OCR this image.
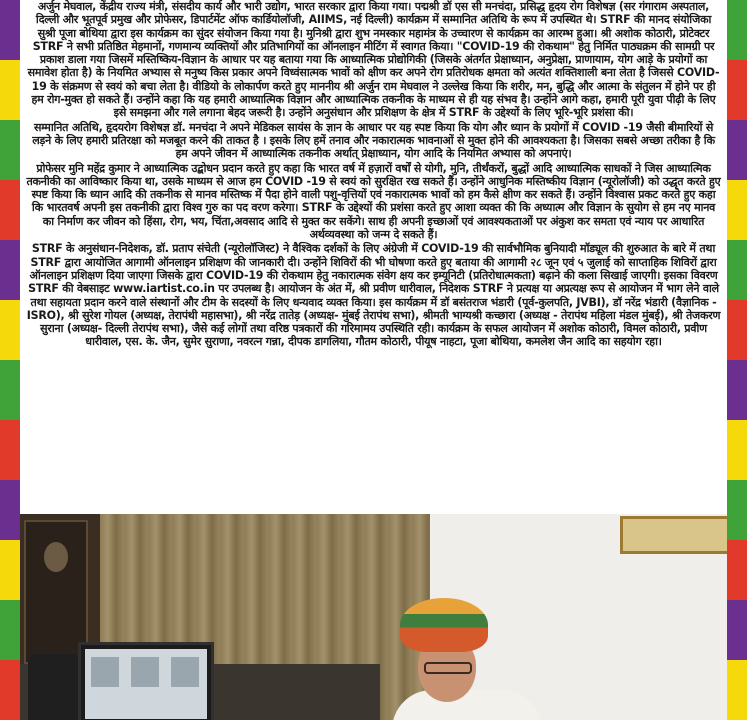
अर्जुन मेघवाल, केंद्रीय राज्य मंत्री, संसदीय कार्य और भारी उद्योग, भारत सरकार द्वारा किया गया। पद्मश्री डॉ एस सी मनचंदा, प्रसिद्ध हृदय रोग विशेषज्ञ (सर गंगाराम अस्पताल, दिल्ली और भूतपूर्व प्रमुख और प्रोफेसर, डिपार्टमेंट ऑफ कार्डियोलॉजी, AIIMS, नई दिल्ली) कार्यक्रम में सम्मानित अतिथि के रूप में उपस्थित थे। STRF की मानद संयोजिका सुश्री पूजा बोथिया द्वारा इस कार्यक्रम का सुंदर संयोजन किया गया है। मुनिश्री द्वारा शुभ नमस्कार महामंत्र के उच्चारण से कार्यक्रम का आरम्भ हुआ। श्री अशोक कोठारी, प्रोटेक्टर STRF ने सभी प्रतिष्ठित मेहमानों, गणमान्य व्यक्तियों और प्रतिभागियों का ऑनलाइन मीटिंग में स्वागत किया। "COVID-19 की रोकथाम" हेतु निर्मित पाठ्यक्रम की सामग्री पर प्रकाश डाला गया जिसमें मस्तिष्किय-विज्ञान के आधार पर यह बताया गया कि आध्यात्मिक प्रोद्योगिकी (जिसके अंतर्गत प्रेक्षाध्यान, अनुप्रेक्षा, प्राणायाम, योग आड़े के प्रयोगों का समावेश होता है) के नियमित अभ्यास से मनुष्य किस प्रकार अपने विध्वंसात्मक भावों को क्षीण कर अपने रोग प्रतिरोधक क्षमता को अत्यंत शक्तिशाली बना लेता है जिससे COVID-19 के संक्रमण से स्वयं को बचा लेता है। वीडियो के लोकार्पण करते हुए माननीय श्री अर्जुन राम मेघवाल ने उल्लेख किया कि शरीर, मन, बुद्धि और आत्मा के संतुलन में होने पर ही हम रोग-मुक्त हो सकते हैं। उन्होंने कहा कि यह हमारी आध्यात्मिक विज्ञान और आध्यात्मिक तकनीक के माध्यम से ही यह संभव है। उन्होंने आगे कहा, हमारी पूरी युवा पीढ़ी के लिए इसे समझना और गले लगाना बेहद जरूरी है। उन्होंने अनुसंधान और प्रशिक्षण के क्षेत्र में STRF के उद्देश्यों के लिए भूरि-भूरि प्रशंसा की।

सम्मानित अतिथि, हृदयरोग विशेषज्ञ डॉ. मनचंदा ने अपने मेडिकल सायंस के ज्ञान के आधार पर यह स्पष्ट किया कि योग और ध्यान के प्रयोगों में COVID -19 जैसी बीमारियों से लड़ने के लिए हमारी प्रतिरक्षा को मजबूत करने की ताकत है । इसके लिए हमें तनाव और नकारात्मक भावनाओं से मुक्त होने की आवश्यकता है। जिसका सबसे अच्छा तरीका है कि हम अपने जीवन में आध्यात्मिक तकनीक अर्थात् प्रेक्षाध्यान, योग आदि के नियमित अभ्यास को अपनाएं।

प्रोफेसर मुनि महेंद्र कुमार ने आध्यात्मिक उद्बोधन प्रदान करते हुए कहा कि भारत वर्ष में हज़ारों वर्षों से योगी, मुनि, तीर्थंकरों, बुद्धों आदि आध्यात्मिक साधकों ने जिस आध्यात्मिक तकनीकी का आविष्कार किया था, उसके माध्यम से आज हम COVID -19 से स्वयं को सुरक्षित रख सकते हैं। उन्होंने आधुनिक मस्तिष्कीय विज्ञान (न्यूरोलॉजी) को उद्धृत करते हुए स्पष्ट किया कि ध्यान आदि की तकनीक से मानव मस्तिष्क में पैदा होने वाली पशु-वृत्तियों एवं नकारात्मक भावों को हम कैसे क्षीण कर सकते हैं। उन्होंने विश्वास प्रकट करते हुए कहा कि भारतवर्ष अपनी इस तकनीकी द्वारा विश्व गुरु का पद वरण करेगा। STRF के उद्देश्यों की प्रशंसा करते हुए आशा व्यक्त की कि अध्यात्म और विज्ञान के सुयोग से हम नए मानव का निर्माण कर जीवन को हिंसा, रोग, भय, चिंता,अवसाद आदि से मुक्त कर सकेंगे। साथ ही अपनी इच्छाओं एवं आवश्यकताओं पर अंकुश कर समता एवं न्याय पर आधारित अर्थव्यवस्था को जन्म दे सकते हैं।

STRF के अनुसंधान-निदेशक, डॉ. प्रताप संचेती (न्यूरोलॉजिस्ट) ने वैश्विक दर्शकों के लिए अंग्रेजी में COVID-19 की सार्वभौमिक बुनियादी मॉड्यूल की शुरुआत के बारे में तथा STRF द्वारा आयोजित आगामी ऑनलाइन प्रशिक्षण की जानकारी दी। उन्होंने शिविरों की भी घोषणा करते हुए बताया की आगामी २८ जून एवं ५ जुलाई को साप्ताहिक शिविरों द्वारा ऑनलाइन प्रशिक्षण दिया जाएगा जिसके द्वारा COVID-19 की रोकथाम हेतु नकारात्मक संवेग क्षय कर इम्यूनिटी (प्रतिरोधात्मकता) बढ़ाने की कला सिखाई जाएगी। इसका विवरण STRF की वेबसाइट www.iartist.co.in पर उपलब्ध है। आयोजन के अंत में, श्री प्रवीण धारीवाल, निदेशक STRF ने प्रत्यक्ष या अप्रत्यक्ष रूप से आयोजन में भाग लेने वाले तथा सहायता प्रदान करने वाले संस्थानों और टीम के सदस्यों के लिए धन्यवाद व्यक्त किया। इस कार्यक्रम में डॉ बसंतराज भंडारी (पूर्व-कुलपति, JVBI), डॉ नरेंद्र भंडारी (वैज्ञानिक - ISRO), श्री सुरेश गोयल (अध्यक्ष, तेरापंथी महासभा), श्री नरेंद्र तातेड़ (अध्यक्ष- मुंबई तेरापंथ सभा), श्रीमती भाग्यश्री कच्छारा (अध्यक्ष - तेरापंथ महिला मंडल मुंबई), श्री तेजकरण सुराना (अध्यक्ष- दिल्ली तेरापंथ सभा), जैसे कई लोगों तथा वरिष्ठ पत्रकारों की गरिमामय उपस्थिति रही। कार्यक्रम के सफल आयोजन में अशोक कोठारी, विमल कोठारी, प्रवीण धारीवाल, एस. के. जैन, सुमेर सुराणा, नवरत्न गन्ना, दीपक डागलिया, गौतम कोठारी, पीयूष नाहटा, पूजा बोथिया, कमलेश जैन आदि का सहयोग रहा।
